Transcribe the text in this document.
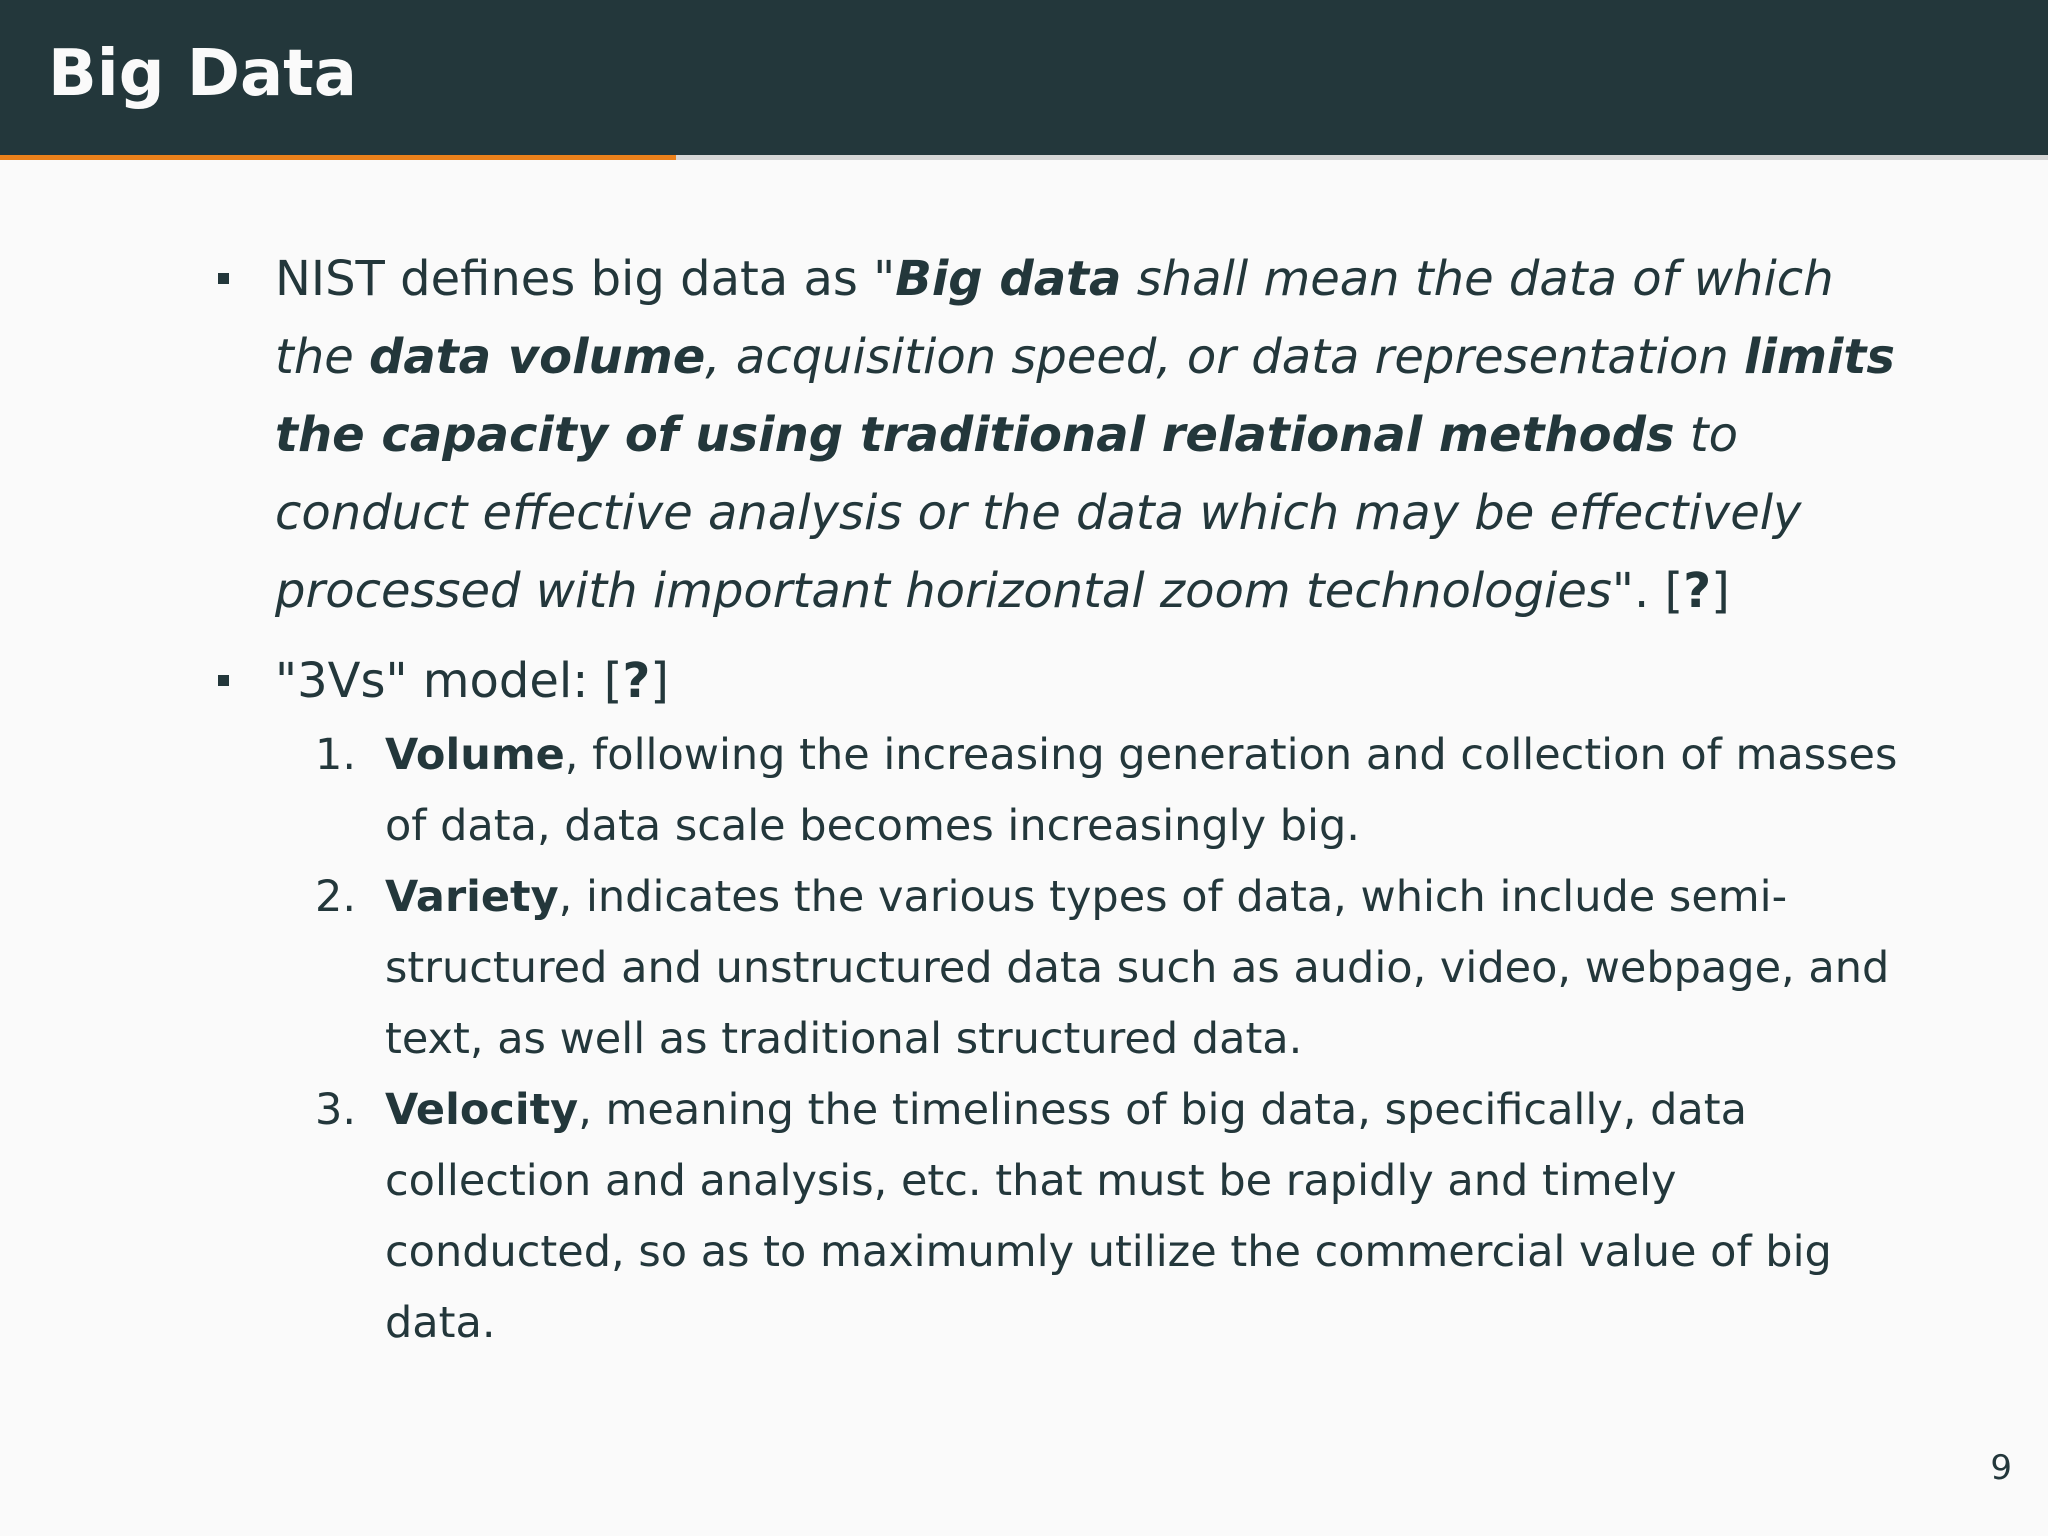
Big Data
NIST defines big data as "Big data shall mean the data of which the data volume, acquisition speed, or data representation limits the capacity of using traditional relational methods to conduct effective analysis or the data which may be effectively processed with important horizontal zoom technologies". [?]
"3Vs" model: [?]
1. Volume, following the increasing generation and collection of masses of data, data scale becomes increasingly big.
2. Variety, indicates the various types of data, which include semi-structured and unstructured data such as audio, video, webpage, and text, as well as traditional structured data.
3. Velocity, meaning the timeliness of big data, specifically, data collection and analysis, etc. that must be rapidly and timely conducted, so as to maximumly utilize the commercial value of big data.
9
